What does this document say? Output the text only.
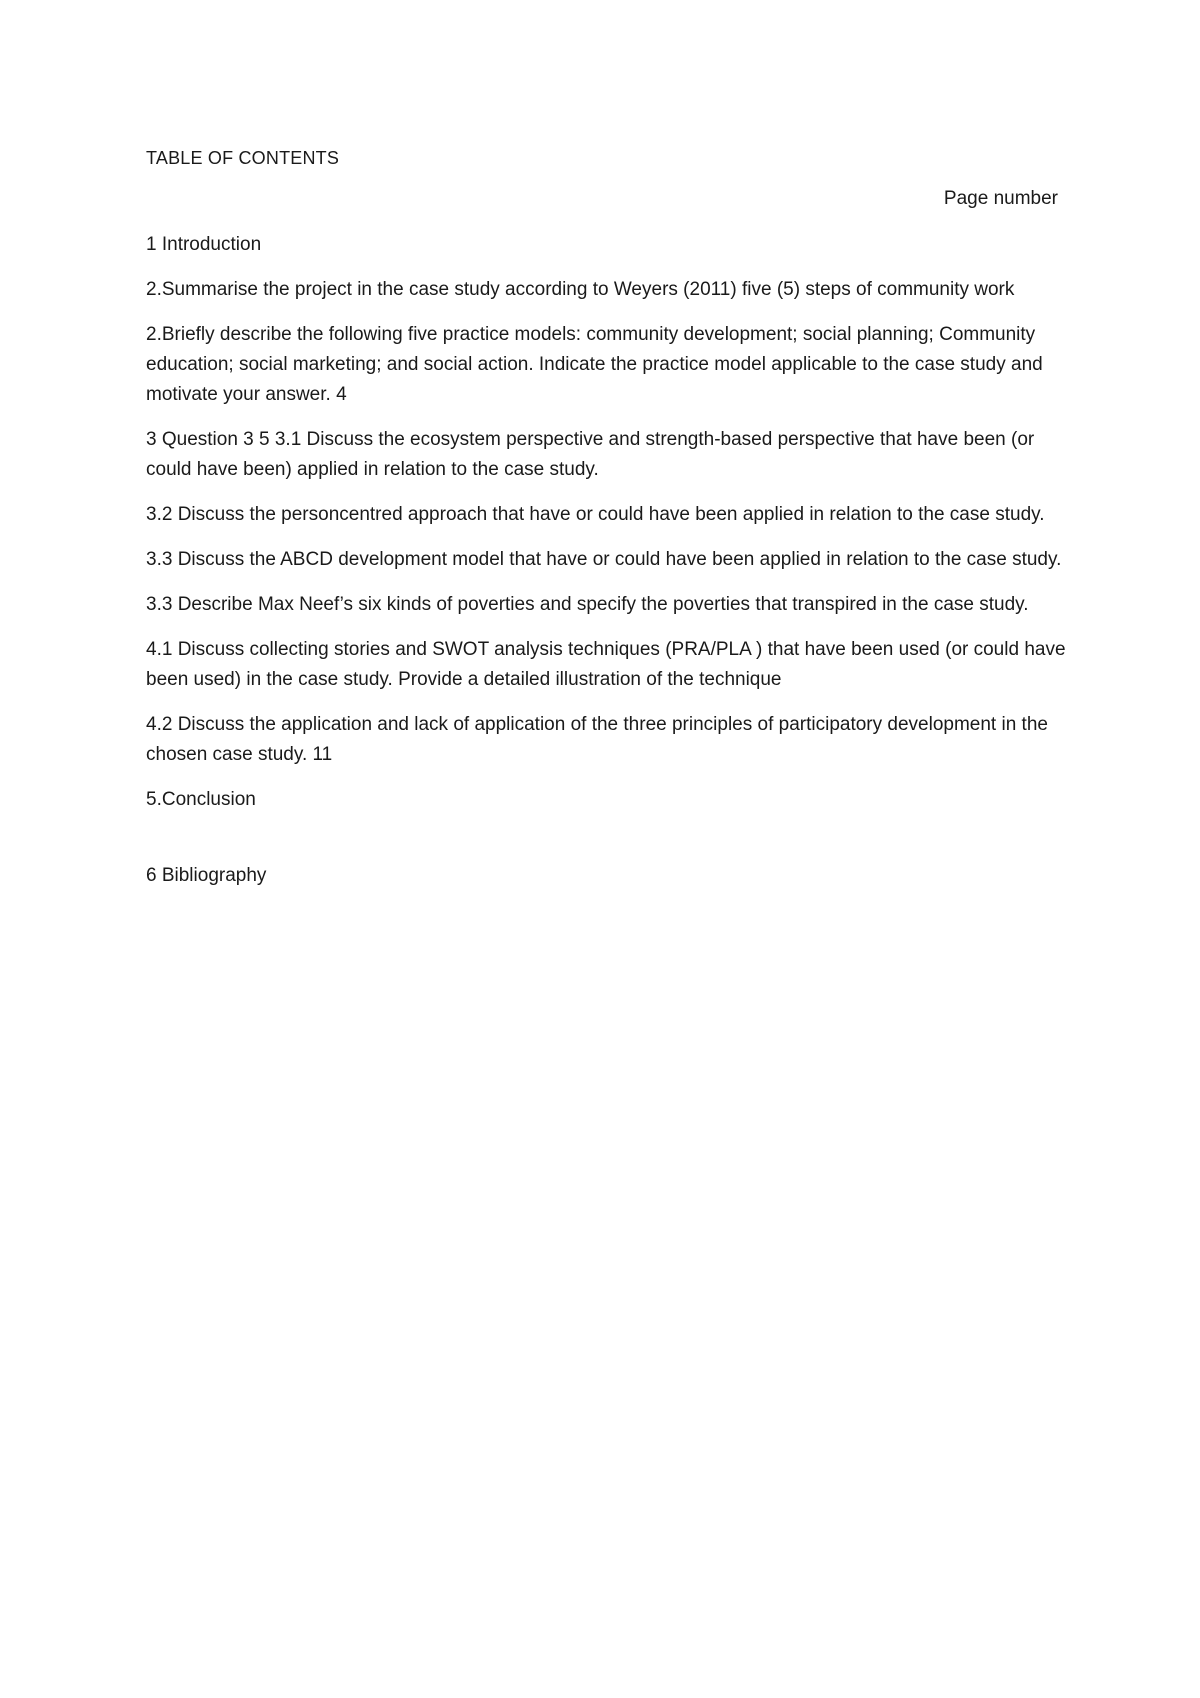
TABLE OF CONTENTS
Page number

1 Introduction

2.Summarise the project in the case study according to Weyers (2011) five (5) steps of community work

2.Briefly describe the following five practice models: community development; social planning; Community education; social marketing; and social action. Indicate the practice model applicable to the case study and motivate your answer. 4

3 Question 3 5 3.1 Discuss the ecosystem perspective and strength-based perspective that have been (or could have been) applied in relation to the case study.

3.2 Discuss the personcentred approach that have or could have been applied in relation to the case study.

3.3 Discuss the ABCD development model that have or could have been applied in relation to the case study.

3.3 Describe Max Neef’s six kinds of poverties and specify the poverties that transpired in the case study.

4.1 Discuss collecting stories and SWOT analysis techniques (PRA/PLA ) that have been used (or could have been used) in the case study. Provide a detailed illustration of the technique

4.2 Discuss the application and lack of application of the three principles of participatory development in the chosen case study. 11

5.Conclusion

6 Bibliography
